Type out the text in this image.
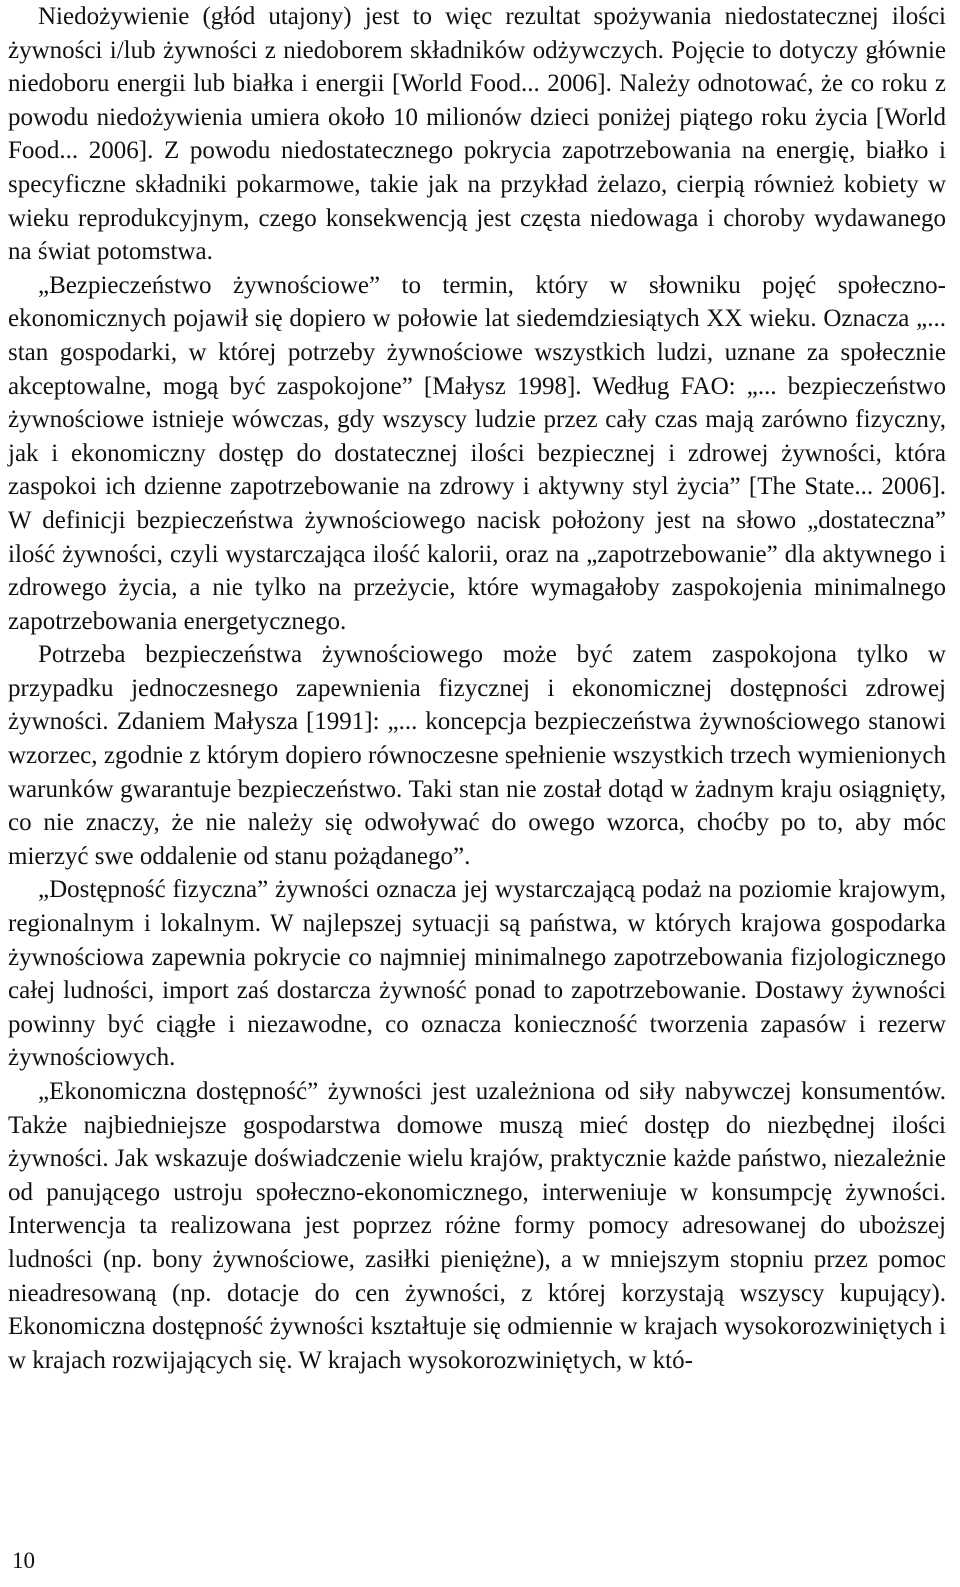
Niedożywienie (głód utajony) jest to więc rezultat spożywania niedostatecznej ilości żywności i/lub żywności z niedoborem składników odżywczych. Pojęcie to dotyczy głównie niedoboru energii lub białka i energii [World Food... 2006]. Należy odnotować, że co roku z powodu niedożywienia umiera około 10 milionów dzieci poniżej piątego roku życia [World Food... 2006]. Z powodu niedostatecznego pokrycia zapotrzebowania na energię, białko i specyficzne składniki pokarmowe, takie jak na przykład żelazo, cierpią również kobiety w wieku reprodukcyjnym, czego konsekwencją jest częsta niedowaga i choroby wydawanego na świat potomstwa.

„Bezpieczeństwo żywnościowe” to termin, który w słowniku pojęć społeczno-ekonomicznych pojawił się dopiero w połowie lat siedemdziesiątych XX wieku. Oznacza „... stan gospodarki, w której potrzeby żywnościowe wszystkich ludzi, uznane za społecznie akceptowalne, mogą być zaspokojone” [Małysz 1998]. Według FAO: „... bezpieczeństwo żywnościowe istnieje wówczas, gdy wszyscy ludzie przez cały czas mają zarówno fizyczny, jak i ekonomiczny dostęp do dostatecznej ilości bezpiecznej i zdrowej żywności, która zaspokoi ich dzienne zapotrzebowanie na zdrowy i aktywny styl życia” [The State... 2006]. W definicji bezpieczeństwa żywnościowego nacisk położony jest na słowo „dostateczna” ilość żywności, czyli wystarczająca ilość kalorii, oraz na „zapotrzebowanie” dla aktywnego i zdrowego życia, a nie tylko na przeżycie, które wymagałoby zaspokojenia minimalnego zapotrzebowania energetycznego.

Potrzeba bezpieczeństwa żywnościowego może być zatem zaspokojona tylko w przypadku jednoczesnego zapewnienia fizycznej i ekonomicznej dostępności zdrowej żywności. Zdaniem Małysza [1991]: „... koncepcja bezpieczeństwa żywnościowego stanowi wzorzec, zgodnie z którym dopiero równoczesne spełnienie wszystkich trzech wymienionych warunków gwarantuje bezpieczeństwo. Taki stan nie został dotąd w żadnym kraju osiągnięty, co nie znaczy, że nie należy się odwoływać do owego wzorca, choćby po to, aby móc mierzyć swe oddalenie od stanu pożądanego”.

„Dostępność fizyczna” żywności oznacza jej wystarczającą podaż na poziomie krajowym, regionalnym i lokalnym. W najlepszej sytuacji są państwa, w których krajowa gospodarka żywnościowa zapewnia pokrycie co najmniej minimalnego zapotrzebowania fizjologicznego całej ludności, import zaś dostarcza żywność ponad to zapotrzebowanie. Dostawy żywności powinny być ciągłe i niezawodne, co oznacza konieczność tworzenia zapasów i rezerw żywnościowych.

„Ekonomiczna dostępność” żywności jest uzależniona od siły nabywczej konsumentów. Także najbiedniejsze gospodarstwa domowe muszą mieć dostęp do niezbędnej ilości żywności. Jak wskazuje doświadczenie wielu krajów, praktycznie każde państwo, niezależnie od panującego ustroju społeczno-ekonomicznego, interweniuje w konsumpcję żywności. Interwencja ta realizowana jest poprzez różne formy pomocy adresowanej do uboższej ludności (np. bony żywnościowe, zasiłki pieniężne), a w mniejszym stopniu przez pomoc nieadresowaną (np. dotacje do cen żywności, z której korzystają wszyscy kupujący). Ekonomiczna dostępność żywności kształtuje się odmiennie w krajach wysokorozwiniętych i w krajach rozwijających się. W krajach wysokorozwiniętych, w któ-

10
